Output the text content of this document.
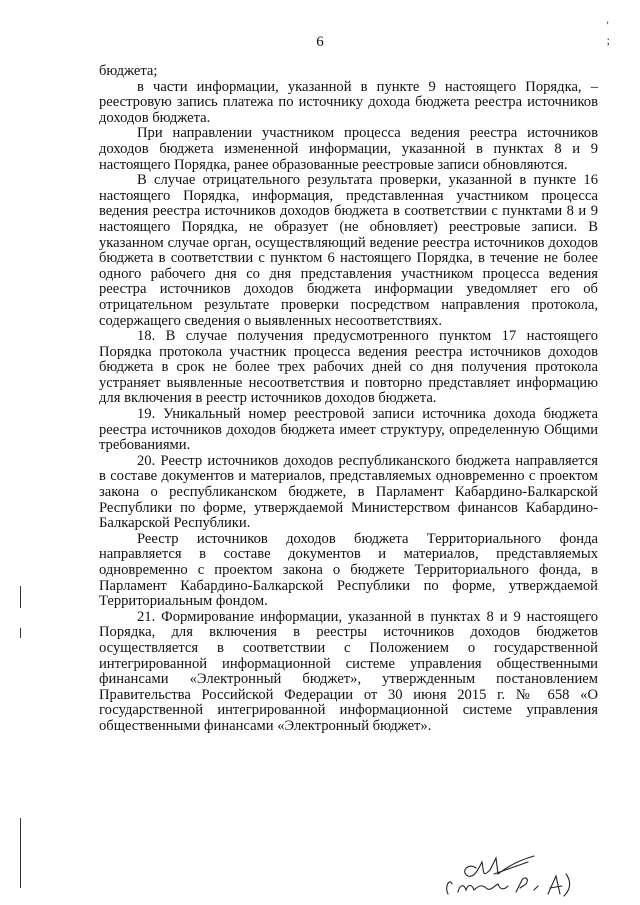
'
;
6

бюджета;

в части информации, указанной в пункте 9 настоящего Порядка, – реестровую запись платежа по источнику дохода бюджета реестра источников доходов бюджета.

При направлении участником процесса ведения реестра источников доходов бюджета измененной информации, указанной в пунктах 8 и 9 настоящего Порядка, ранее образованные реестровые записи обновляются.

В случае отрицательного результата проверки, указанной в пункте 16 настоящего Порядка, информация, представленная участником процесса ведения реестра источников доходов бюджета в соответствии с пунктами 8 и 9 настоящего Порядка, не образует (не обновляет) реестровые записи. В указанном случае орган, осуществляющий ведение реестра источников доходов бюджета в соответствии с пунктом 6 настоящего Порядка, в течение не более одного рабочего дня со дня представления участником процесса ведения реестра источников доходов бюджета информации уведомляет его об отрицательном результате проверки посредством направления протокола, содержащего сведения о выявленных несоответствиях.

18. В случае получения предусмотренного пунктом 17 настоящего Порядка протокола участник процесса ведения реестра источников доходов бюджета в срок не более трех рабочих дней со дня получения протокола устраняет выявленные несоответствия и повторно представляет информацию для включения в реестр источников доходов бюджета.

19. Уникальный номер реестровой записи источника дохода бюджета реестра источников доходов бюджета имеет структуру, определенную Общими требованиями.

20. Реестр источников доходов республиканского бюджета направляется в составе документов и материалов, представляемых одновременно с проектом закона о республиканском бюджете, в Парламент Кабардино-Балкарской Республики по форме, утверждаемой Министерством финансов Кабардино-Балкарской Республики.

Реестр источников доходов бюджета Территориального фонда направляется в составе документов и материалов, представляемых одновременно с проектом закона о бюджете Территориального фонда, в Парламент Кабардино-Балкарской Республики по форме, утверждаемой Территориальным фондом.

21. Формирование информации, указанной в пунктах 8 и 9 настоящего Порядка, для включения в реестры источников доходов бюджетов осуществляется в соответствии с Положением о государственной интегрированной информационной системе управления общественными финансами «Электронный бюджет», утвержденным постановлением Правительства Российской Федерации от 30 июня 2015 г. № 658 «О государственной интегрированной информационной системе управления общественными финансами «Электронный бюджет».
